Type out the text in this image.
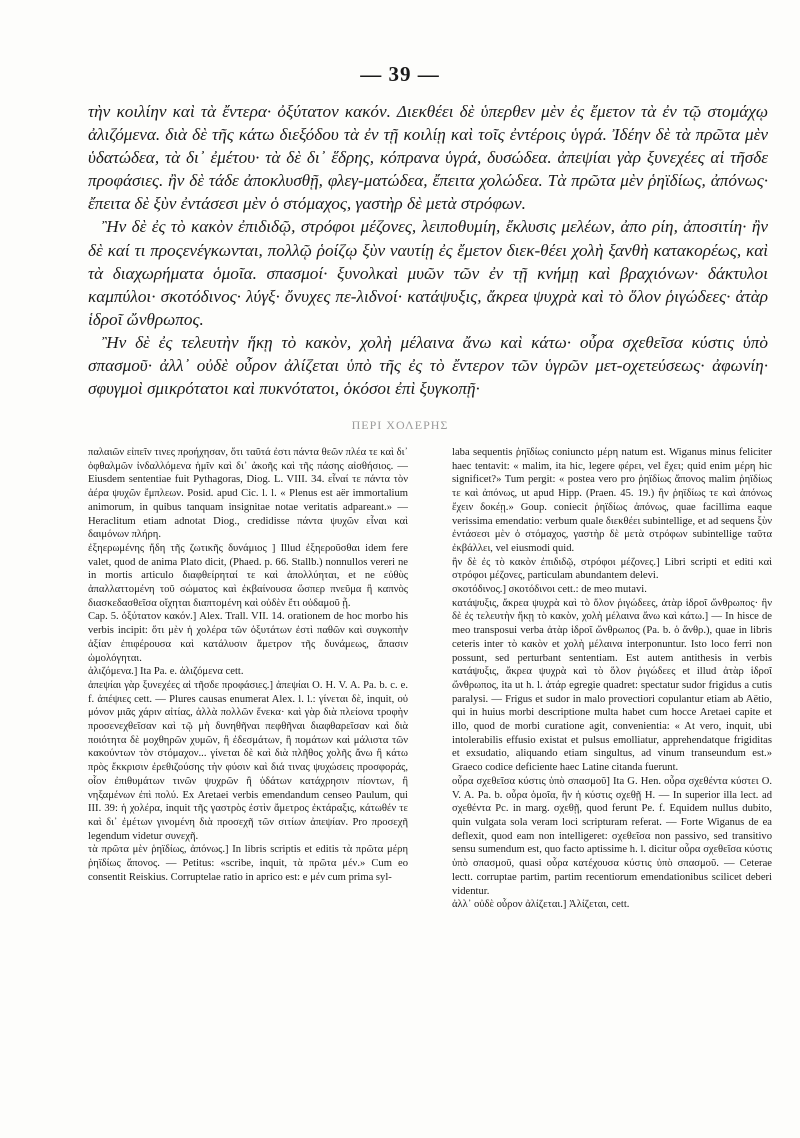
— 39 —

τὴν κοιλίην καὶ τὰ ἔντερα· ὀξύτατον κακόν. Διεκθέει δὲ ὑπερθεν μὲν ἐς ἔμετον τὰ ἐν τῷ στομάχῳ ἀλιζόμενα. διὰ δὲ τῆς κάτω διεξόδου τὰ ἐν τῇ κοιλίῃ καὶ τοῖς ἐντέροις ὑγρά. Ἰδέην δὲ τὰ πρῶτα μὲν ὑδατώδεα, τὰ δι᾽ ἐμέτου· τὰ δὲ δι᾽ ἕδρης, κόπρανα ὑγρά, δυσώδεα. ἀπεψίαι γὰρ ξυνεχέες αἱ τῆσδε προφάσιες. ἢν δὲ τάδε ἀποκλυσθῇ, φλεγ-ματώδεα, ἔπειτα χολώδεα. Τὰ πρῶτα μὲν ῥηϊδίως, ἀπόνως· ἔπειτα δὲ ξὺν ἐντάσεσι μὲν ὁ στόμαχος, γαστὴρ δὲ μετὰ στρόφων.

Ἢν δὲ ἐς τὸ κακὸν ἐπιδιδῷ, στρόφοι μέζονες, λειποθυμίη, ἔκλυσις μελέων, ἀπο ρίη, ἀποσιτίη· ἢν δὲ καί τι προςενέγκωνται, πολλῷ ῥοίζῳ ξὺν ναυτίῃ ἐς ἔμετον διεκ-θέει χολὴ ξανθὴ κατακορέως, καὶ τὰ διαχωρήματα ὁμοῖα. σπασμοί· ξυνολκαὶ μυῶν τῶν ἐν τῇ κνήμῃ καὶ βραχιόνων· δάκτυλοι καμπύλοι· σκοτόδινος· λύγξ· ὄνυχες πε-λιδνοί· κατάψυξις, ἄκρεα ψυχρὰ καὶ τὸ ὅλον ῥιγώδεες· ἀτὰρ ἱδροῖ ὤνθρωπος.

Ἢν δὲ ἐς τελευτὴν ἥκῃ τὸ κακὸν, χολὴ μέλαινα ἄνω καὶ κάτω· οὖρα σχεθεῖσα κύστις ὑπὸ σπασμοῦ· ἀλλ᾽ οὐδὲ οὖρον ἀλίζεται ὑπὸ τῆς ἐς τὸ ἔντερον τῶν ὑγρῶν μετ-οχετεύσεως· ἀφωνίη· σφυγμοὶ σμικρότατοι καὶ πυκνότατοι, ὁκόσοι ἐπὶ ξυγκοπῇ·

ΠΕΡΙ ΧΟΛΕΡΗΣ

παλαιῶν εἰπεῖν τινες προήχησαν, ὅτι ταῦτά ἐστι πάντα θεῶν πλέα τε καὶ δι᾽ ὀφθαλμῶν ἰνδαλλόμενα ἡμῖν καὶ δι᾽ ἀκοῆς καὶ τῆς πάσης αἰσθήσιος. — Eiusdem sententiae fuit Pythagoras, Diog. L. VIII. 34. εἶναί τε πάντα τὸν ἀέρα ψυχῶν ἔμπλεων. Posid. apud Cic. l. l. « Plenus est aër immortalium animorum, in quibus tanquam insignitae notae veritatis adpareant.» — Heraclitum etiam adnotat Diog., credidisse πάντα ψυχῶν εἶναι καὶ δαιμόνων πλήρη.

ἐξηερωμένης ἤδη τῆς ζωτικῆς δυνάμιος ] Illud ἐξηεροῦσθαι idem fere valet, quod de anima Plato dicit, (Phaed. p. 66. Stallb.) nonnullos vereri ne in mortis articulo διαφθείρηταί τε καὶ ἀπολλύηται, et ne εὐθὺς ἀπαλλαττομένη τοῦ σώματος καὶ ἐκβαίνουσα ὥσπερ πνεῦμα ἢ καπνὸς διασκεδασθεῖσα οἴχηται διαπτομένη καὶ οὐδὲν ἔτι οὐδαμοῦ ᾖ.

Cap. 5. ὀξύτατον κακόν.] Alex. Trall. VII. 14. orationem de hoc morbo his verbis incipit: ὅτι μὲν ἡ χολέρα τῶν ὀξυτάτων ἐστὶ παθῶν καὶ συγκοπὴν ἀξίαν ἐπιφέρουσα καὶ κατάλυσιν ἄμετρον τῆς δυνάμεως, ἅπασιν ὡμολόγηται.

ἀλιζόμενα.] Ita Pa. e. ἀλιζόμενα cett.

ἀπεψίαι γὰρ ξυνεχέες αἱ τῆσδε προφάσιες.] ἀπεψίαι O. H. V. A. Pa. b. c. e. f. ἀπέψιες cett. — Plures causas enumerat Alex. l. l.: γίνεται δὲ, inquit, οὐ μόνον μιᾶς χάριν αἰτίας, ἀλλὰ πολλῶν ἕνεκα· καὶ γὰρ διὰ πλείονα τροφὴν προσενεχθεῖσαν καὶ τῷ μὴ δυνηθῆναι πεφθῆναι διαφθαρεῖσαν καὶ διὰ ποιότητα δὲ μοχθηρῶν χυμῶν, ἢ ἐδεσμάτων, ἢ πομάτων καὶ μάλιστα τῶν κακούντων τὸν στόμαχον... γίνεται δὲ καὶ διὰ πλῆθος χολῆς ἄνω ἢ κάτω πρὸς ἔκκρισιν ἐρεθιζούσης τὴν φύσιν καὶ διά τινας ψυχώσεις προσφοράς, οἷον ἐπιθυμάτων τινῶν ψυχρῶν ἢ ὑδάτων κατάχρησιν πίοντων, ἢ νηξαμένων ἐπὶ πολύ. Ex Aretaei verbis emendandum censeo Paulum, qui III. 39: ἡ χολέρα, inquit τῆς γαστρὸς ἐστὶν ἄμετρος ἐκτάραξις, κάτωθέν τε καὶ δι᾽ ἐμέτων γινομένη διὰ προσεχῆ τῶν σιτίων ἀπεψίαν. Pro προσεχῆ legendum videtur συνεχῆ.

τὰ πρῶτα μὲν ῥηϊδίως, ἀπόνως.] In libris scriptis et editis τὰ πρῶτα μέρη ῥηϊδίως ἄπονος. — Petitus: «scribe, inquit, τὰ πρῶτα μέν.» Cum eo consentit Reiskius. Corruptelae ratio in aprico est: e μέν cum prima syl-

laba sequentis ῥηϊδίως coniuncto μέρη natum est. Wiganus minus feliciter haec tentavit: « malim, ita hic, legere φέρει, vel ἔχει; quid enim μέρη hic significet?» Tum pergit: « postea vero pro ῥηϊδίως ἄπονος malim ῥηϊδίως τε καὶ ἀπόνως, ut apud Hipp. (Praen. 45. 19.) ἢν ῥηϊδίως τε καὶ ἀπόνως ἔχειν δοκέῃ.» Goup. coniecit ῥηϊδίως ἀπόνως, quae facillima eaque verissima emendatio: verbum quale διεκθέει subintellige, et ad sequens ξὺν ἐντάσεσι μὲν ὁ στόμαχος, γαστὴρ δὲ μετὰ στρόφων subintellige ταῦτα ἐκβάλλει, vel eiusmodi quid.

ἢν δὲ ἐς τὸ κακὸν ἐπιδιδῷ, στρόφοι μέζονες.] Libri scripti et editi καὶ στρόφοι μέζονες, particulam abundantem delevi.

σκοτόδινος.] σκοτόδινοι cett.: de meo mutavi.

κατάψυξις, ἄκρεα ψυχρὰ καὶ τὸ ὅλον ῥιγώδεες, ἀτὰρ ἱδροῖ ὤνθρωπος· ἢν δὲ ἐς τελευτὴν ἥκῃ τὸ κακὸν, χολὴ μέλαινα ἄνω καὶ κάτω.] — In hisce de meo transposui verba ἀτὰρ ἱδροῖ ὤνθρωπος (Pa. b. ὁ ἄνθρ.), quae in libris ceteris inter τὸ κακὸν et χολὴ μέλαινα interponuntur. Isto loco ferri non possunt, sed perturbant sententiam. Est autem antithesis in verbis κατάψυξις, ἄκρεα ψυχρὰ καὶ τὸ ὅλον ῥιγώδεες et illud ἀτὰρ ἱδροῖ ὤνθρωπος, ita ut h. l. ἀτάρ egregie quadret: spectatur sudor frigidus a cutis paralysi. — Frigus et sudor in malo provectiori copulantur etiam ab Aëtio, qui in huius morbi descriptione multa habet cum hocce Aretaei capite et illo, quod de morbi curatione agit, convenientia: « At vero, inquit, ubi intolerabilis effusio existat et pulsus emolliatur, apprehendatque frigiditas et exsudatio, aliquando etiam singultus, ad vinum transeundum est.» Graeco codice deficiente haec Latine citanda fuerunt.

οὖρα σχεθεῖσα κύστις ὑπὸ σπασμοῦ] Ita G. Hen. οὖρα σχεθέντα κύστει O. V. A. Pa. b. οὖρα ὁμοῖα, ἢν ἡ κύστις σχεθῇ H. — In superior illa lect. ad σχεθέντα Pc. in marg. σχεθῇ, quod ferunt Pe. f. Equidem nullus dubito, quin vulgata sola veram loci scripturam referat. — Forte Wiganus de ea deflexit, quod eam non intelligeret: σχεθεῖσα non passivo, sed transitivo sensu sumendum est, quo facto aptissime h. l. dicitur οὖρα σχεθεῖσα κύστις ὑπὸ σπασμοῦ, quasi οὖρα κατέχουσα κύστις ὑπὸ σπασμοῦ. — Ceterae lectt. corruptae partim, partim recentiorum emendationibus scilicet deberi videntur.

ἀλλ᾽ οὐδὲ οὖρον ἀλίζεται.] Ἀλίζεται, cett.
